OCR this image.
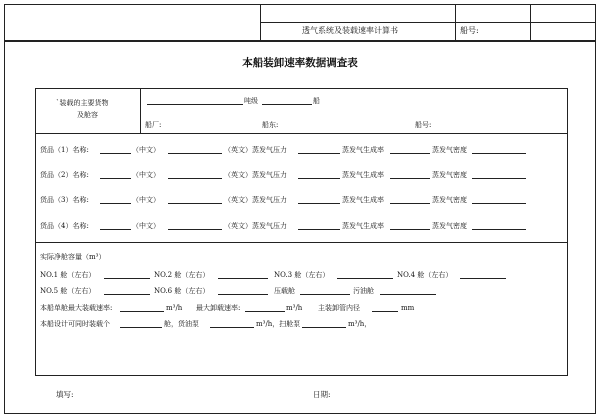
透气系统及装载速率计算书	船号:
本船装卸速率数据调查表
`装载的主要货物
及舱容
吨级	船
船厂:	船东:	船号:
货品（1）名称:	（中文）	（英文）蒸发气压力	蒸发气生成率	蒸发气密度
货品（2）名称:	（中文）	（英文）蒸发气压力	蒸发气生成率	蒸发气密度
货品（3）名称:	（中文）	（英文）蒸发气压力	蒸发气生成率	蒸发气密度
货品（4）名称:	（中文）	（英文）蒸发气压力	蒸发气生成率	蒸发气密度
实际净舱容量（m³）
NO.1 舱（左右）	NO.2 舱（左右）	NO.3 舱（左右）	NO.4 舱（左右）
NO.5 舱（左右）	NO.6 舱（左右）	压载舱	污油舱
本船单舱最大装载速率:	m³/h 最大卸载速率:	m³/h 主装卸管内径	mm
本船设计可同时装载个	舱，货油泵	m³/h，扫舱泵	m³/h，
填写:	日期:
